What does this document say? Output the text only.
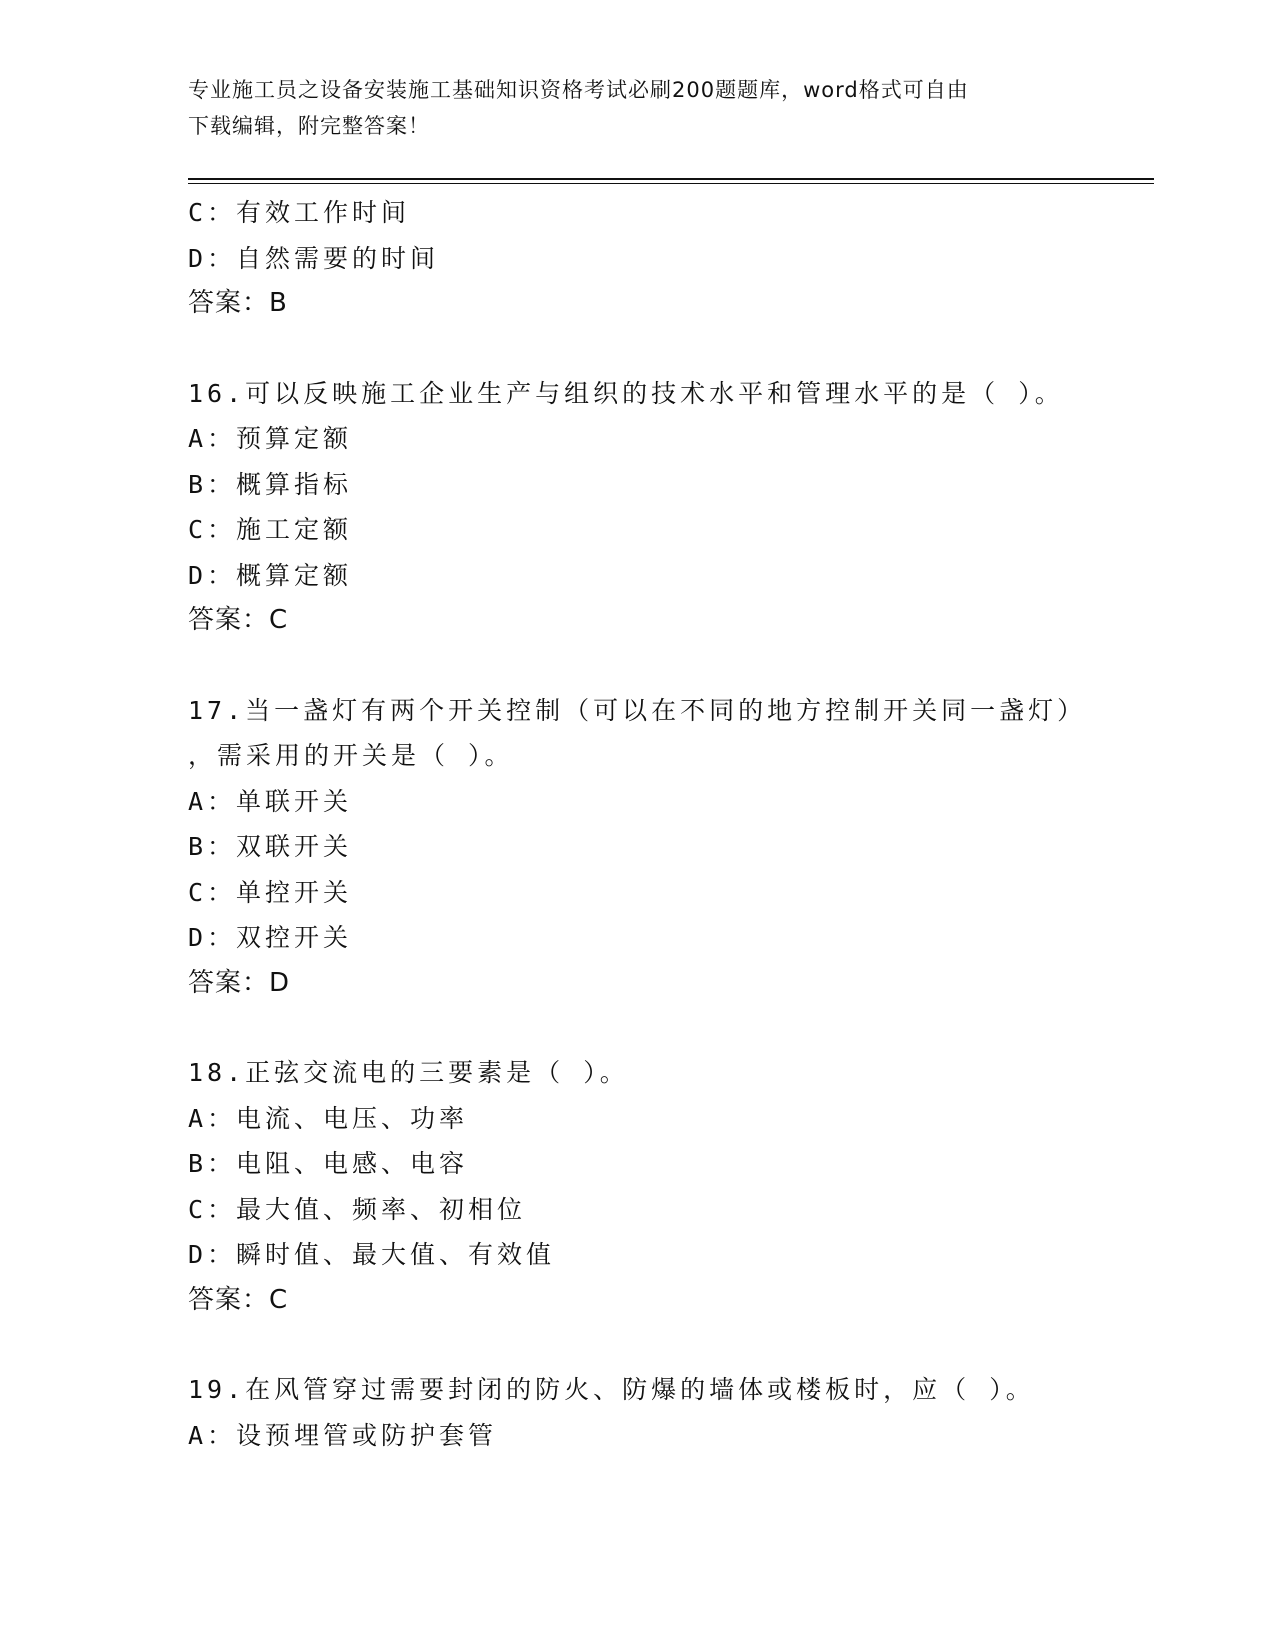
专业施工员之设备安装施工基础知识资格考试必刷200题题库，word格式可自由
下载编辑，附完整答案！
C：有效工作时间
D：自然需要的时间
答案：B
16.可以反映施工企业生产与组织的技术水平和管理水平的是（ ）。
A：预算定额
B：概算指标
C：施工定额
D：概算定额
答案：C
17.当一盏灯有两个开关控制（可以在不同的地方控制开关同一盏灯）
，需采用的开关是（ ）。
A：单联开关
B：双联开关
C：单控开关
D：双控开关
答案：D
18.正弦交流电的三要素是（ ）。
A：电流、电压、功率
B：电阻、电感、电容
C：最大值、频率、初相位
D：瞬时值、最大值、有效值
答案：C
19.在风管穿过需要封闭的防火、防爆的墙体或楼板时，应（ ）。
A：设预埋管或防护套管
